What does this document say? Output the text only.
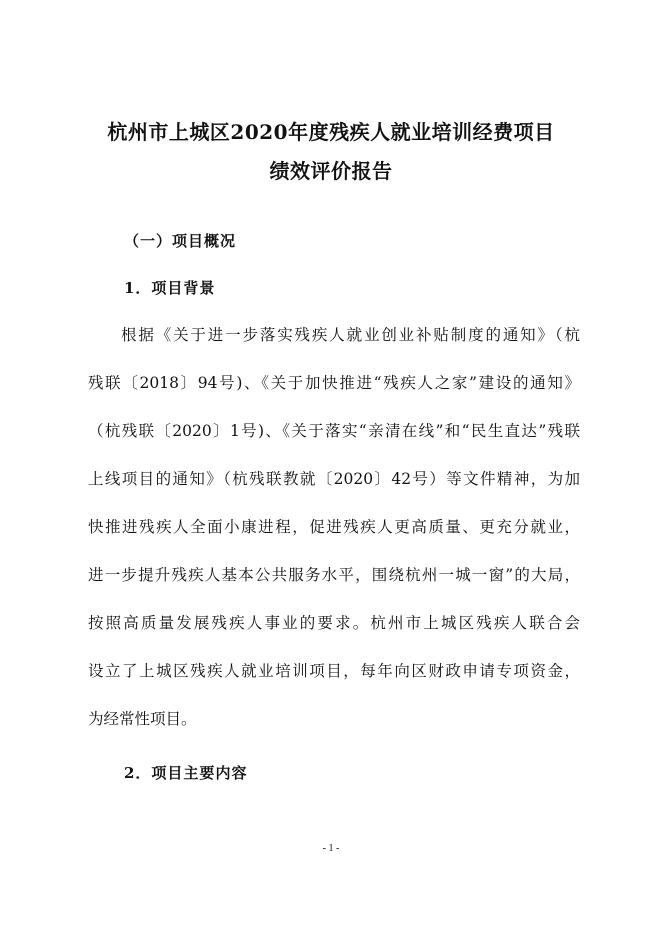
杭州市上城区2020年度残疾人就业培训经费项目
绩效评价报告
（一）项目概况
1．项目背景
根据《关于进一步落实残疾人就业创业补贴制度的通知》（杭
残联〔2018〕94号)、《关于加快推进“残疾人之家”建设的通知》
（杭残联〔2020〕1号)、《关于落实“亲清在线”和“民生直达”残联
上线项目的通知》（杭残联教就〔2020〕42号）等文件精神，为加
快推进残疾人全面小康进程，促进残疾人更高质量、更充分就业，
进一步提升残疾人基本公共服务水平，围绕杭州一城一窗”的大局，
按照高质量发展残疾人事业的要求。杭州市上城区残疾人联合会
设立了上城区残疾人就业培训项目，每年向区财政申请专项资金，
为经常性项目。
2．项目主要内容
- 1 -
